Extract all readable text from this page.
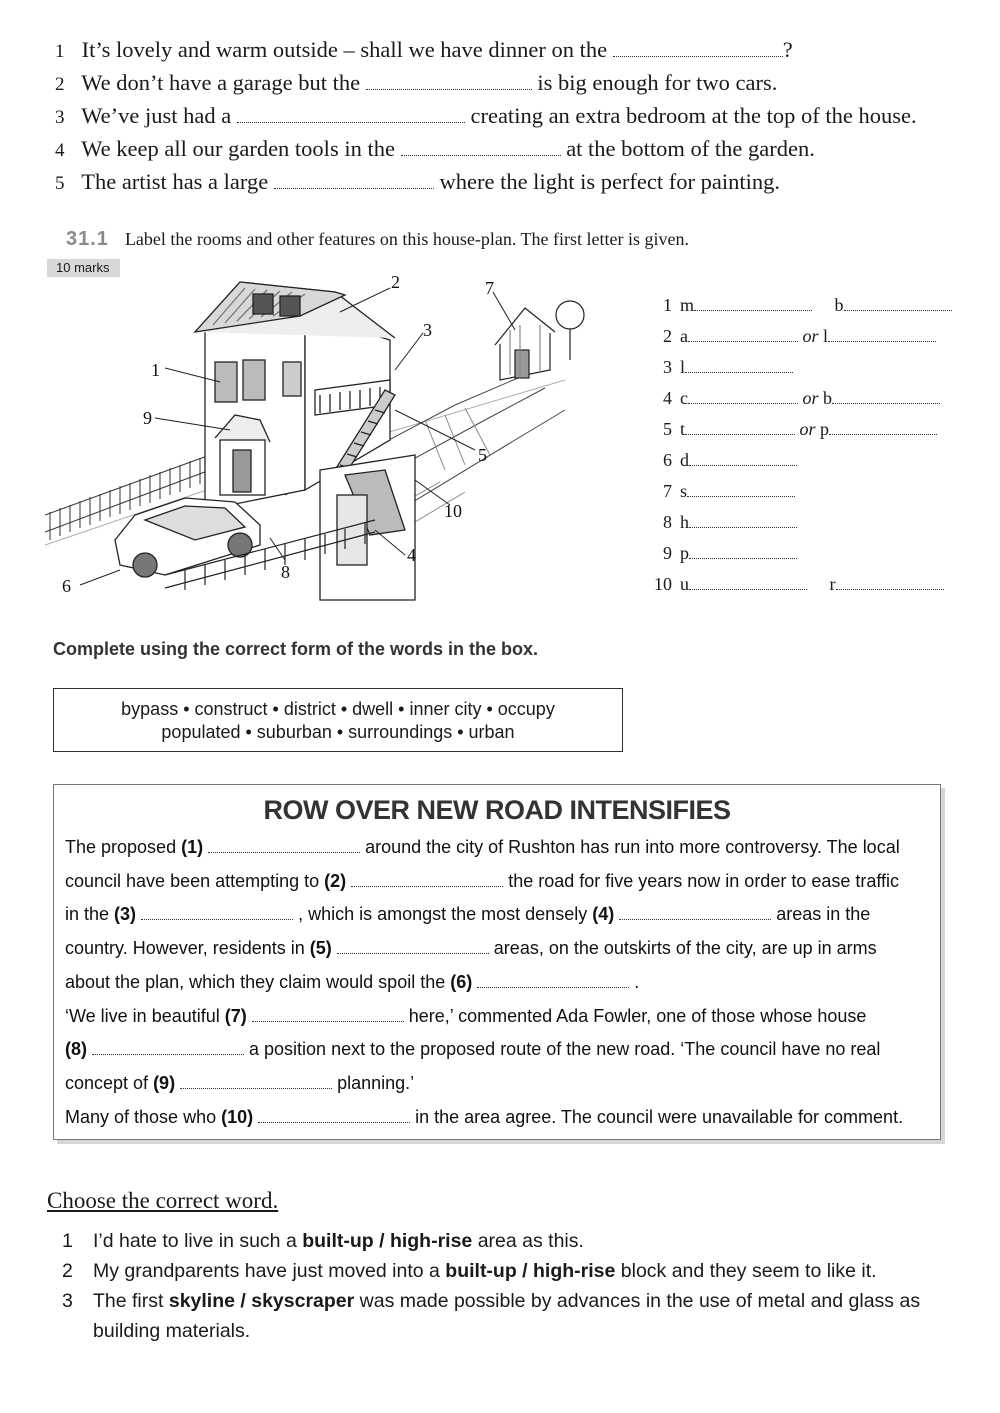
1 It’s lovely and warm outside – shall we have dinner on the	?
2 We don’t have a garage but the	is big enough for two cars.
3 We’ve just had a	creating an extra bedroom at the top of the house.
4 We keep all our garden tools in the	at the bottom of the garden.
5 The artist has a large	where the light is perfect for painting.
31.1 Label the rooms and other features on this house-plan. The first letter is given.
10 marks
2
3
1
9
7
5
10
4
8
6
1 m	b
2 a	or l
3 l
4 c	or b
5 t	or p
6 d
7 s
8 h
9 p
10 u	r
Complete using the correct form of the words in the box.
bypass • construct • district • dwell • inner city • occupy
populated • suburban • surroundings • urban
ROW OVER NEW ROAD INTENSIFIES
The proposed (1)	around the city of Rushton has run into more controversy. The local
council have been attempting to (2)	the road for five years now in order to ease traffic
in the (3)	, which is amongst the most densely (4)	areas in the
country. However, residents in (5)	areas, on the outskirts of the city, are up in arms
about the plan, which they claim would spoil the (6)	.
‘We live in beautiful (7)	here,’ commented Ada Fowler, one of those whose house
(8)	a position next to the proposed route of the new road. ‘The council have no real
concept of (9)	planning.’
Many of those who (10)	in the area agree. The council were unavailable for comment.
Choose the correct word.
1	I’d hate to live in such a built-up / high-rise area as this.
2	My grandparents have just moved into a built-up / high-rise block and they seem to like it.
3	The first skyline / skyscraper was made possible by advances in the use of metal and glass as building materials.
